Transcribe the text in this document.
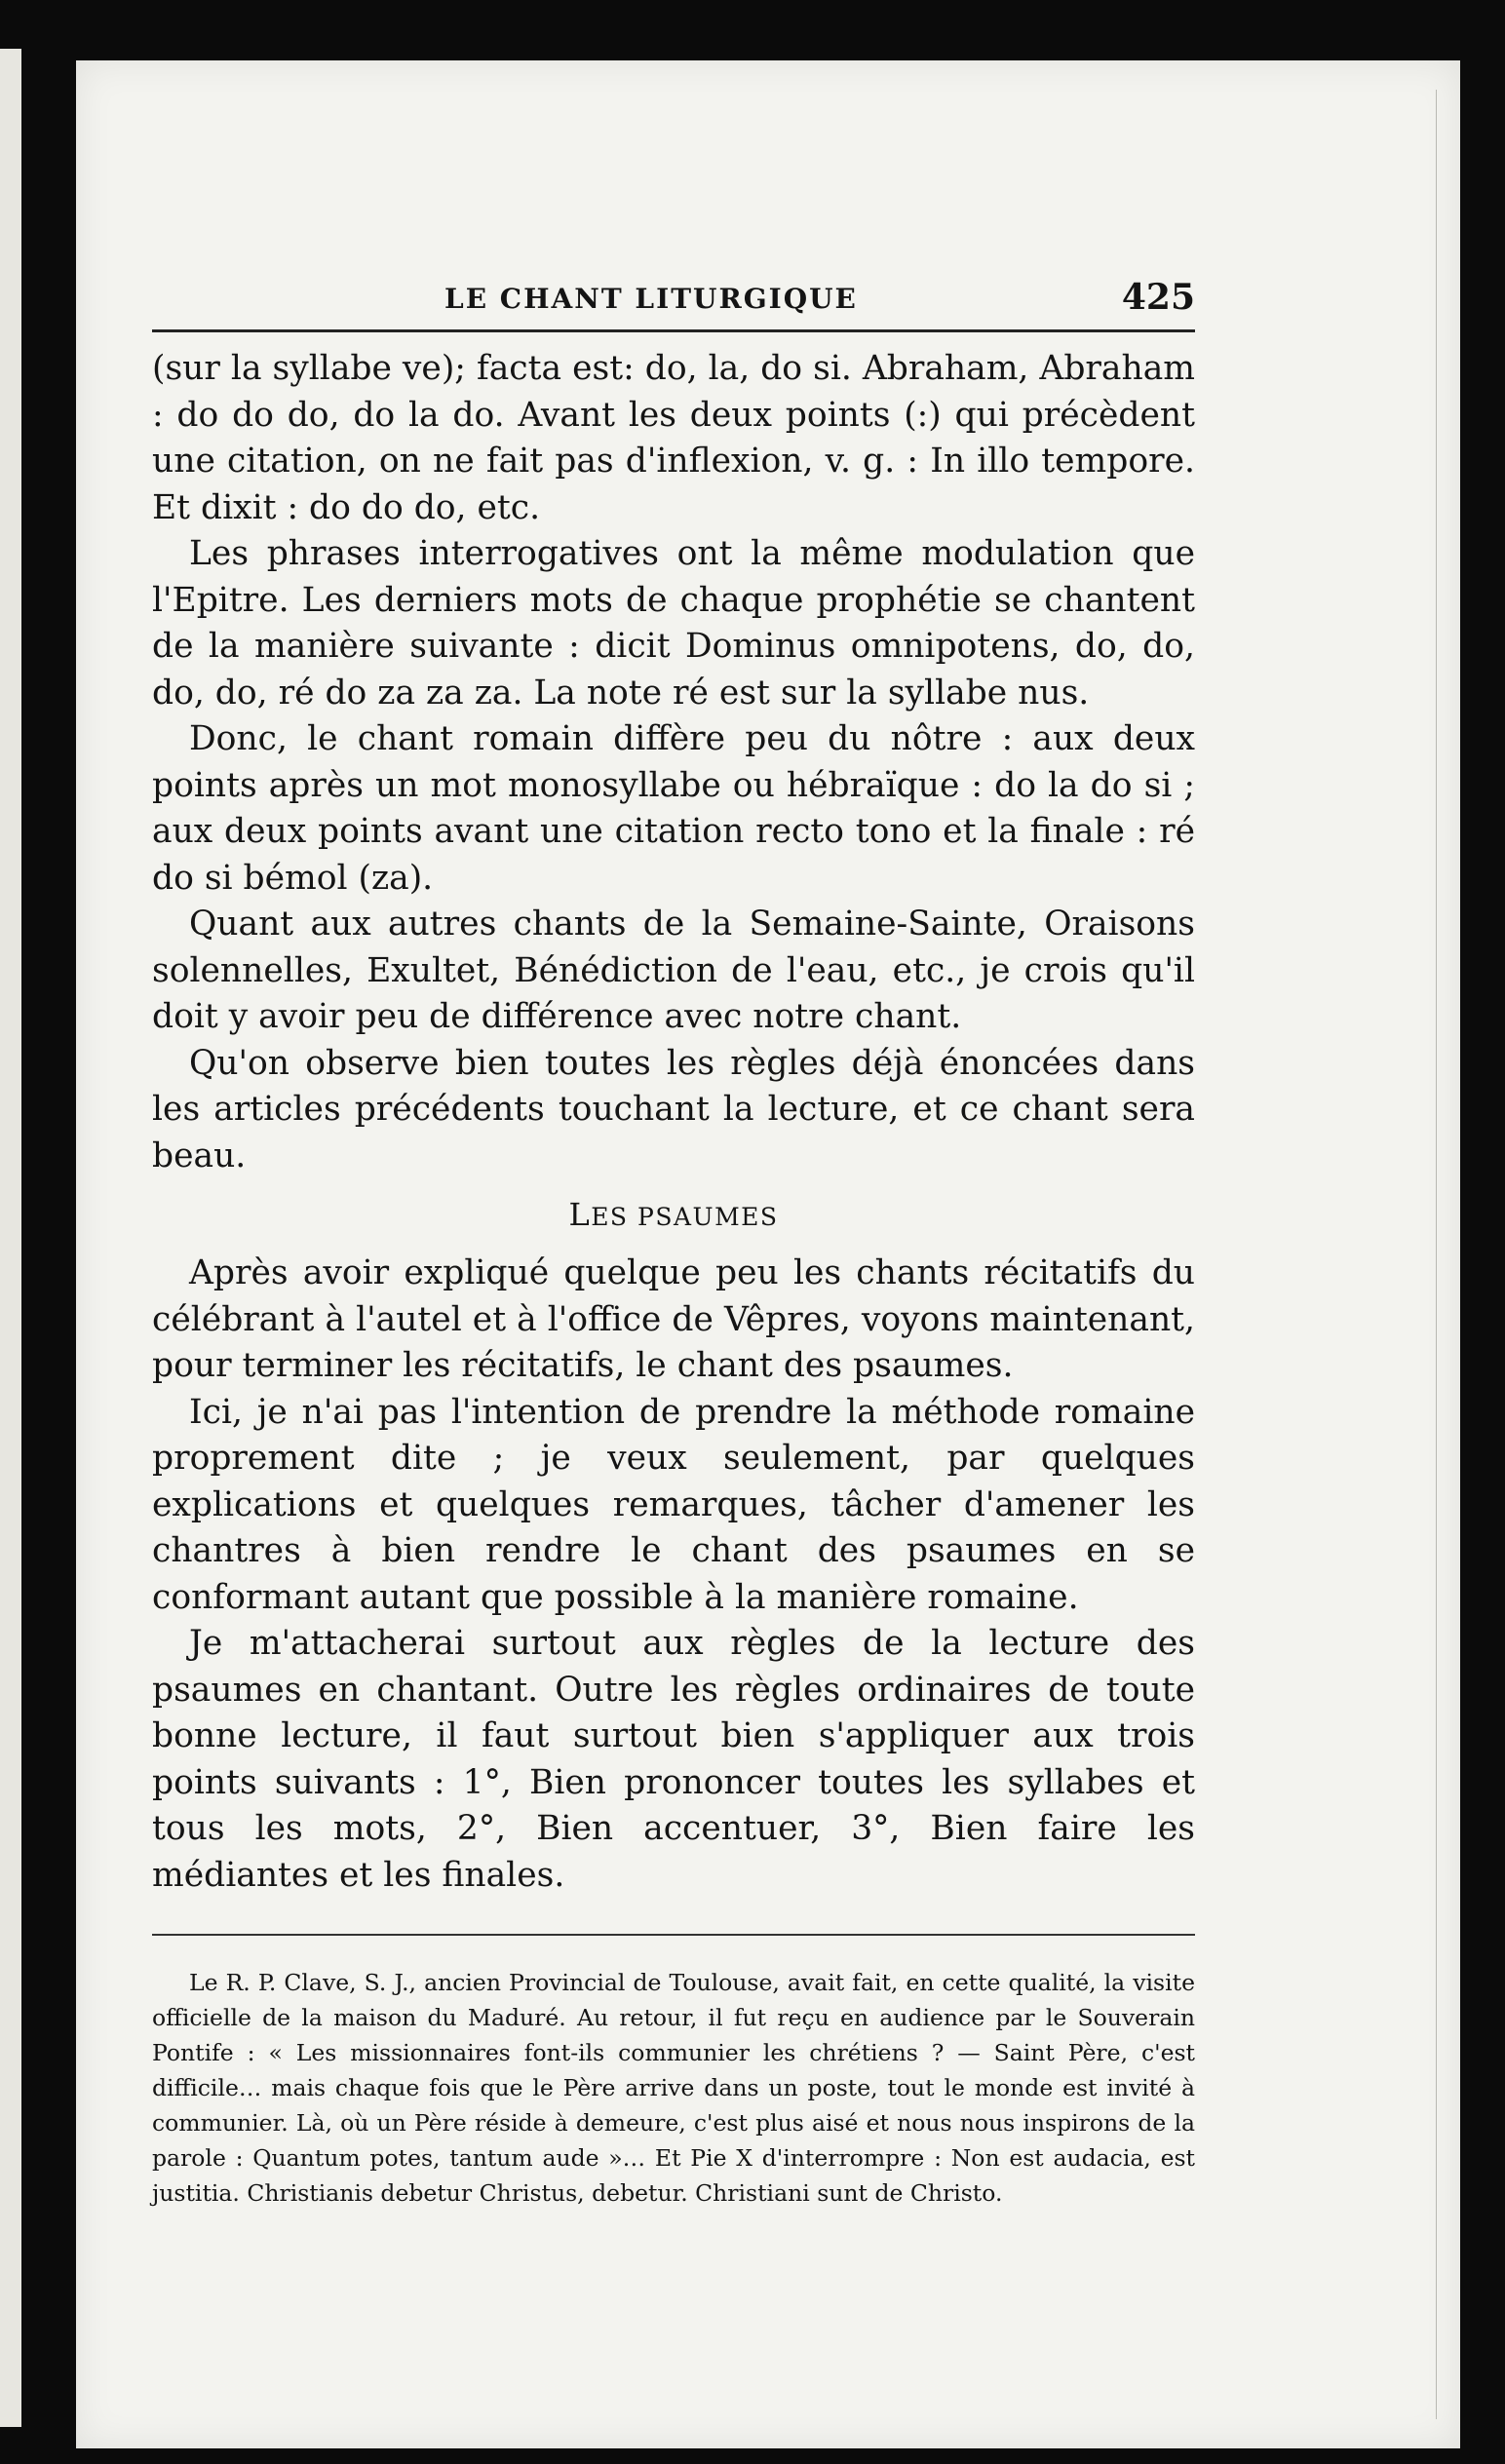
LE CHANT LITURGIQUE	425

(sur la syllabe ve); facta est: do, la, do si. Abraham, Abraham : do do do, do la do. Avant les deux points (:) qui précèdent une citation, on ne fait pas d'inflexion, v. g. : In illo tempore. Et dixit : do do do, etc.

Les phrases interrogatives ont la même modulation que l'Epitre. Les derniers mots de chaque prophétie se chantent de la manière suivante : dicit Dominus omnipotens, do, do, do, do, ré do za za za. La note ré est sur la syllabe nus.

Donc, le chant romain diffère peu du nôtre : aux deux points après un mot monosyllabe ou hébraïque : do la do si ; aux deux points avant une citation recto tono et la finale : ré do si bémol (za).

Quant aux autres chants de la Semaine-Sainte, Oraisons solennelles, Exultet, Bénédiction de l'eau, etc., je crois qu'il doit y avoir peu de différence avec notre chant.

Qu'on observe bien toutes les règles déjà énoncées dans les articles précédents touchant la lecture, et ce chant sera beau.

LES PSAUMES

Après avoir expliqué quelque peu les chants récitatifs du célébrant à l'autel et à l'office de Vêpres, voyons maintenant, pour terminer les récitatifs, le chant des psaumes.

Ici, je n'ai pas l'intention de prendre la méthode romaine proprement dite ; je veux seulement, par quelques explications et quelques remarques, tâcher d'amener les chantres à bien rendre le chant des psaumes en se conformant autant que possible à la manière romaine.

Je m'attacherai surtout aux règles de la lecture des psaumes en chantant. Outre les règles ordinaires de toute bonne lecture, il faut surtout bien s'appliquer aux trois points suivants : 1°, Bien prononcer toutes les syllabes et tous les mots, 2°, Bien accentuer, 3°, Bien faire les médiantes et les finales.

Le R. P. Clave, S. J., ancien Provincial de Toulouse, avait fait, en cette qualité, la visite officielle de la maison du Maduré. Au retour, il fut reçu en audience par le Souverain Pontife : « Les missionnaires font-ils communier les chrétiens ? — Saint Père, c'est difficile… mais chaque fois que le Père arrive dans un poste, tout le monde est invité à communier. Là, où un Père réside à demeure, c'est plus aisé et nous nous inspirons de la parole : Quantum potes, tantum aude »… Et Pie X d'interrompre : Non est audacia, est justitia. Christianis debetur Christus, debetur. Christiani sunt de Christo.
